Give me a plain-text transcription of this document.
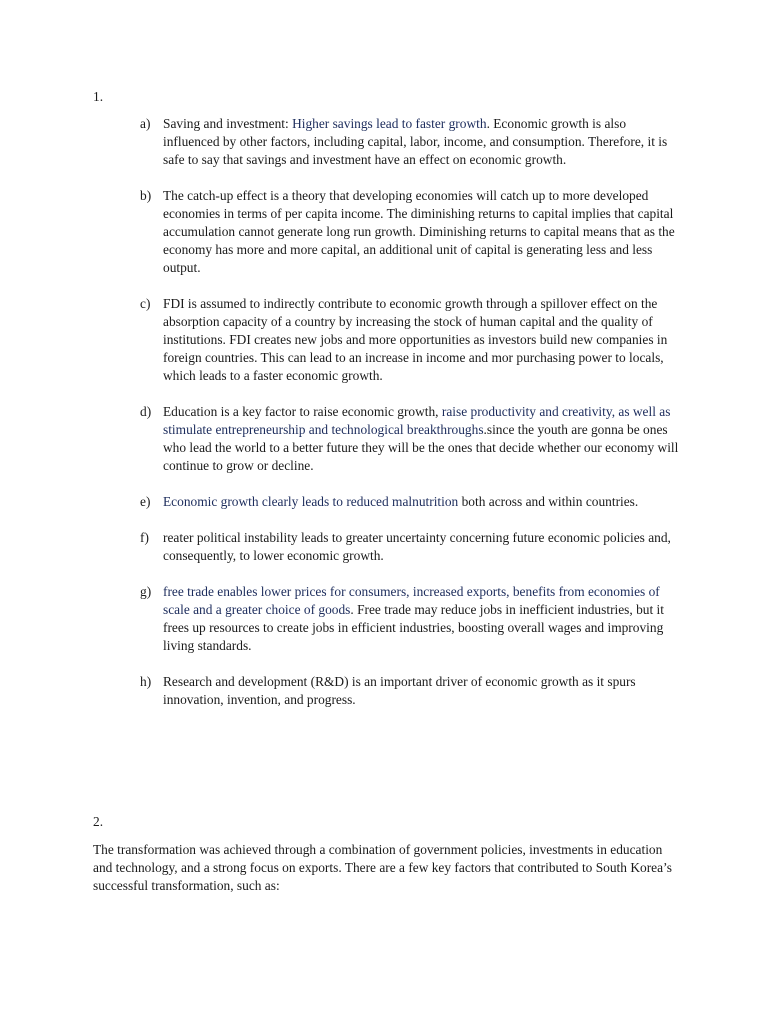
1.

a) Saving and investment: Higher savings lead to faster growth. Economic growth is also influenced by other factors, including capital, labor, income, and consumption. Therefore, it is safe to say that savings and investment have an effect on economic growth.
b) The catch-up effect is a theory that developing economies will catch up to more developed economies in terms of per capita income. The diminishing returns to capital implies that capital accumulation cannot generate long run growth. Diminishing returns to capital means that as the economy has more and more capital, an additional unit of capital is generating less and less output.
c) FDI is assumed to indirectly contribute to economic growth through a spillover effect on the absorption capacity of a country by increasing the stock of human capital and the quality of institutions. FDI creates new jobs and more opportunities as investors build new companies in foreign countries. This can lead to an increase in income and mor purchasing power to locals, which leads to a faster economic growth.
d) Education is a key factor to raise economic growth, raise productivity and creativity, as well as stimulate entrepreneurship and technological breakthroughs.since the youth are gonna be ones who lead the world to a better future they will be the ones that decide whether our economy will continue to grow or decline.
e) Economic growth clearly leads to reduced malnutrition both across and within countries.
f) reater political instability leads to greater uncertainty concerning future economic policies and, consequently, to lower economic growth.
g) free trade enables lower prices for consumers, increased exports, benefits from economies of scale and a greater choice of goods. Free trade may reduce jobs in inefficient industries, but it frees up resources to create jobs in efficient industries, boosting overall wages and improving living standards.
h) Research and development (R&D) is an important driver of economic growth as it spurs innovation, invention, and progress.

2.

The transformation was achieved through a combination of government policies, investments in education and technology, and a strong focus on exports. There are a few key factors that contributed to South Korea’s successful transformation, such as:
